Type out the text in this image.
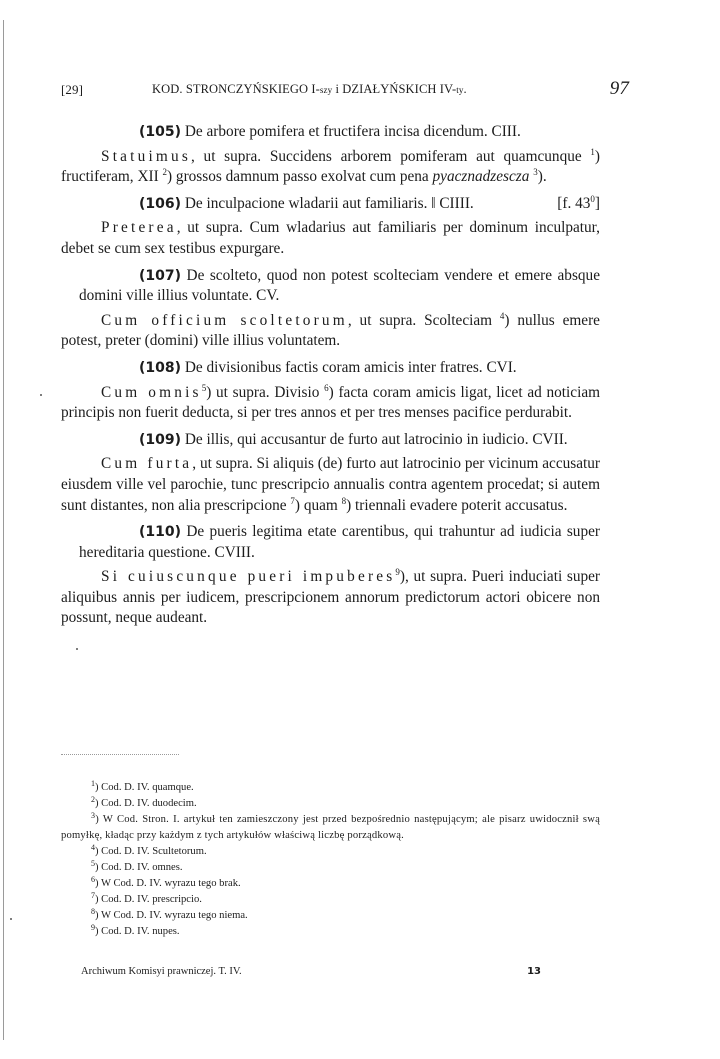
[29]	KOD. STRONCZYŃSKIEGO I-szy i DZIAŁYŃSKICH IV-ty.	97

(105) De arbore pomifera et fructifera incisa dicendum. CIII.

Statuimus, ut supra. Succidens arborem pomiferam aut quamcunque $^1$) fructiferam, XII $^2$) grossos damnum passo exolvat cum pena pyacznadzescza $^3$).

[f. $43^0$]
(106) De inculpacione wladarii aut familiaris. ‖ CIIII.

Preterea, ut supra. Cum wladarius aut familiaris per dominum inculpatur, debet se cum sex testibus expurgare.

(107) De scolteto, quod non potest scolteciam vendere et emere absque domini ville illius voluntate. CV.

Cum officium scoltetorum, ut supra. Scolteciam $^4$) nullus emere potest, preter (domini) ville illius voluntatem.

(108) De divisionibus factis coram amicis inter fratres. CVI.

Cum omnis$^5$) ut supra. Divisio $^6$) facta coram amicis ligat, licet ad noticiam principis non fuerit deducta, si per tres annos et per tres menses pacifice perdurabit.

(109) De illis, qui accusantur de furto aut latrocinio in iudicio. CVII.

Cum furta, ut supra. Si aliquis (de) furto aut latrocinio per vicinum accusatur eiusdem ville vel parochie, tunc prescripcio annualis contra agentem procedat; si autem sunt distantes, non alia prescripcione $^7$) quam $^8$) triennali evadere poterit accusatus.

(110) De pueris legitima etate carentibus, qui trahuntur ad iudicia super hereditaria questione. CVIII.

Si cuiuscunque pueri impuberes$^9$), ut supra. Pueri induciati super aliquibus annis per iudicem, prescripcionem annorum predictorum actori obicere non possunt, neque audeant.

$^1$) Cod. D. IV. quamque.

$^2$) Cod. D. IV. duodecim.

$^3$) W Cod. Stron. I. artykuł ten zamieszczony jest przed bezpośrednio następującym; ale pisarz uwidocznił swą pomyłkę, kładąc przy każdym z tych artykułów właściwą liczbę porządkową.

$^4$) Cod. D. IV. Scultetorum.

$^5$) Cod. D. IV. omnes.

$^6$) W Cod. D. IV. wyrazu tego brak.

$^7$) Cod. D. IV. prescripcio.

$^8$) W Cod. D. IV. wyrazu tego niema.

$^9$) Cod. D. IV. nupes.

Archiwum Komisyi prawniczej. T. IV.	13
